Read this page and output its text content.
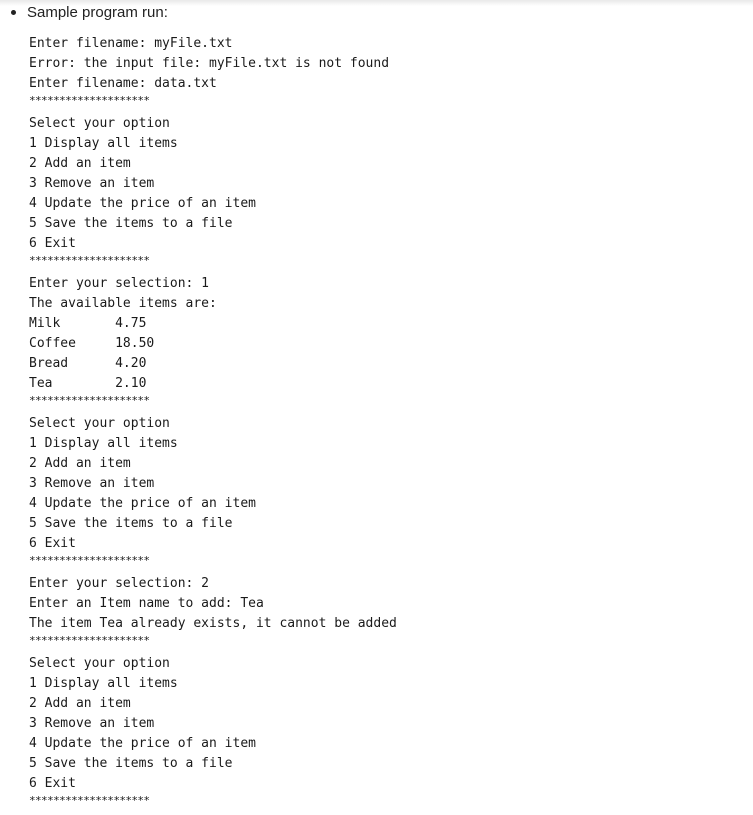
Sample program run:
Enter filename: myFile.txt
Error: the input file: myFile.txt is not found
Enter filename: data.txt
********************
Select your option
1 Display all items
2 Add an item
3 Remove an item
4 Update the price of an item
5 Save the items to a file
6 Exit
********************
Enter your selection: 1
The available items are:
Milk       4.75
Coffee     18.50
Bread      4.20
Tea        2.10
********************
Select your option
1 Display all items
2 Add an item
3 Remove an item
4 Update the price of an item
5 Save the items to a file
6 Exit
********************
Enter your selection: 2
Enter an Item name to add: Tea
The item Tea already exists, it cannot be added
********************
Select your option
1 Display all items
2 Add an item
3 Remove an item
4 Update the price of an item
5 Save the items to a file
6 Exit
********************
